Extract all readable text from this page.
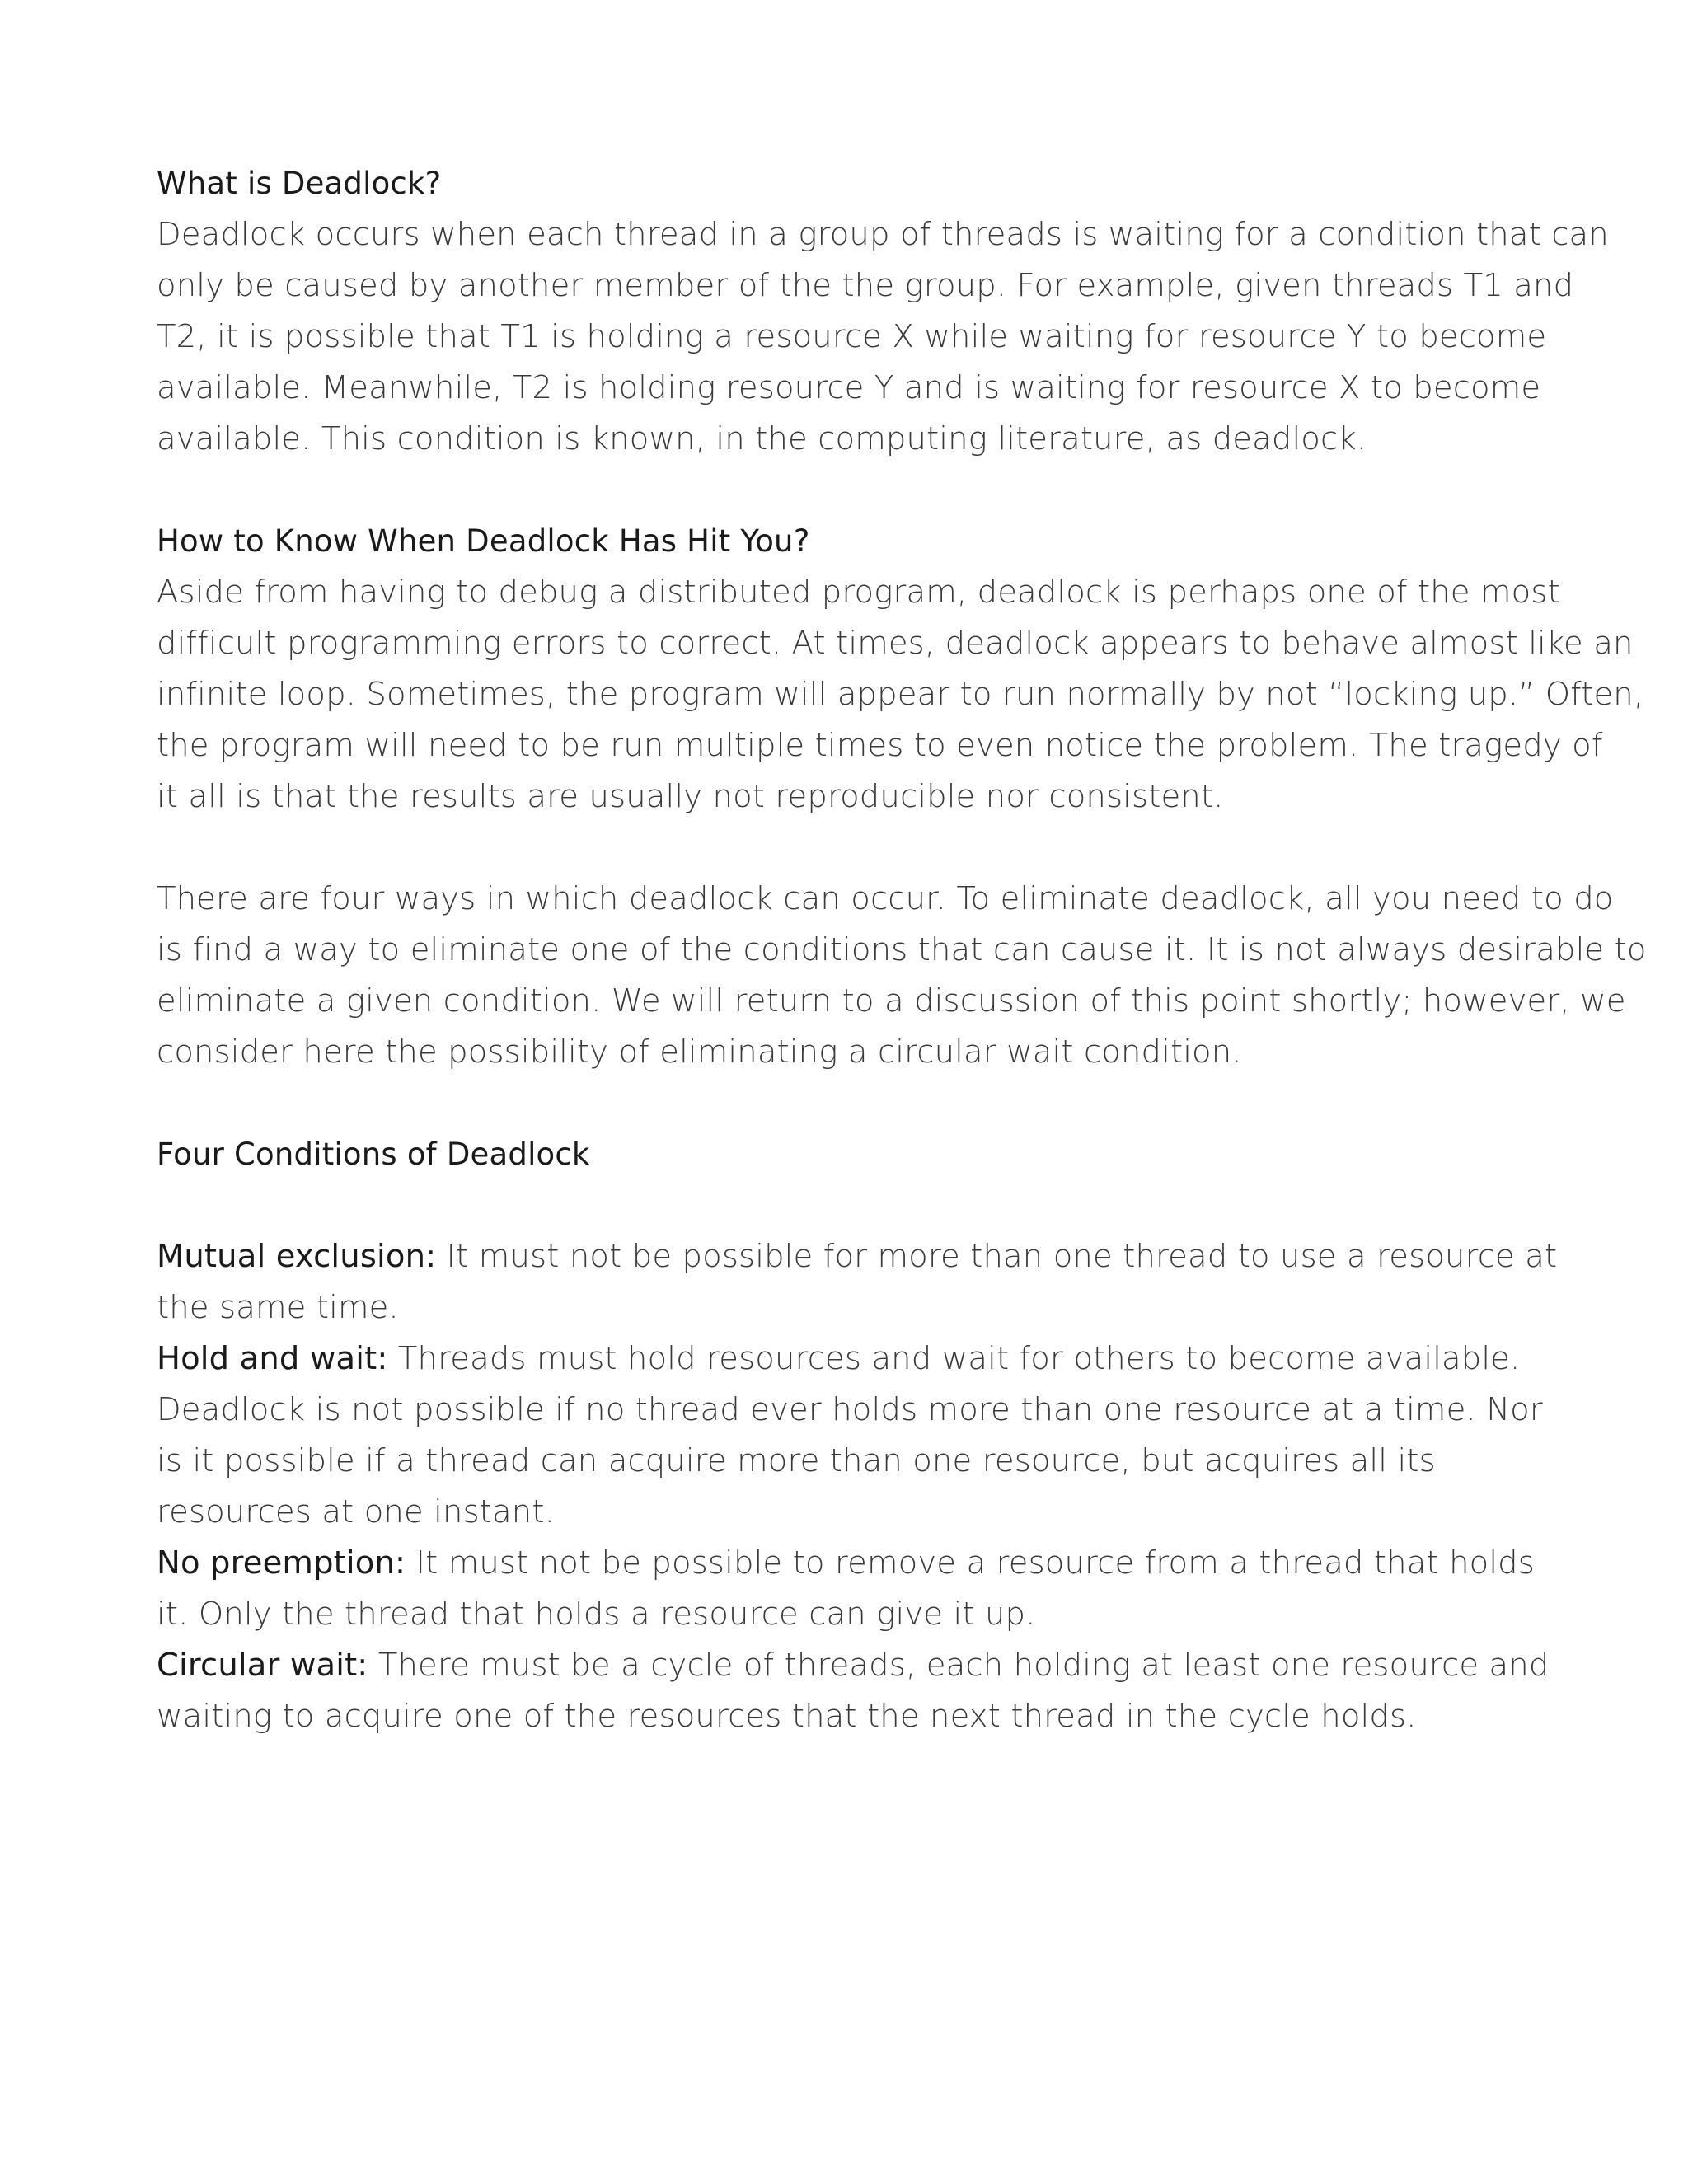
What is Deadlock?
Deadlock occurs when each thread in a group of threads is waiting for a condition that can
only be caused by another member of the the group. For example, given threads T1 and
T2, it is possible that T1 is holding a resource X while waiting for resource Y to become
available. Meanwhile, T2 is holding resource Y and is waiting for resource X to become
available. This condition is known, in the computing literature, as deadlock.
How to Know When Deadlock Has Hit You?
Aside from having to debug a distributed program, deadlock is perhaps one of the most
difficult programming errors to correct. At times, deadlock appears to behave almost like an
infinite loop. Sometimes, the program will appear to run normally by not “locking up.” Often,
the program will need to be run multiple times to even notice the problem. The tragedy of
it all is that the results are usually not reproducible nor consistent.
There are four ways in which deadlock can occur. To eliminate deadlock, all you need to do
is find a way to eliminate one of the conditions that can cause it. It is not always desirable to
eliminate a given condition. We will return to a discussion of this point shortly; however, we
consider here the possibility of eliminating a circular wait condition.
Four Conditions of Deadlock
Mutual exclusion: It must not be possible for more than one thread to use a resource at
the same time.
Hold and wait: Threads must hold resources and wait for others to become available.
Deadlock is not possible if no thread ever holds more than one resource at a time. Nor
is it possible if a thread can acquire more than one resource, but acquires all its
resources at one instant.
No preemption: It must not be possible to remove a resource from a thread that holds
it. Only the thread that holds a resource can give it up.
Circular wait: There must be a cycle of threads, each holding at least one resource and
waiting to acquire one of the resources that the next thread in the cycle holds.
